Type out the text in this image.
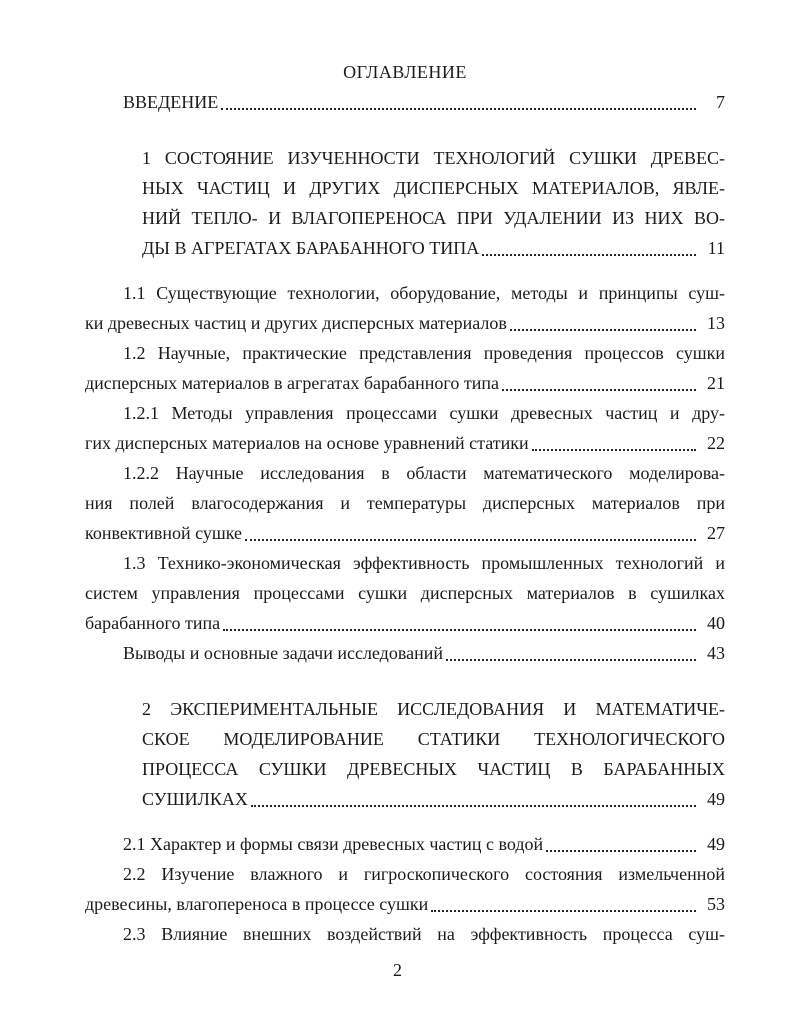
ОГЛАВЛЕНИЕ
ВВЕДЕНИЕ	7
1 СОСТОЯНИЕ ИЗУЧЕННОСТИ ТЕХНОЛОГИЙ СУШКИ ДРЕВЕС-
НЫХ ЧАСТИЦ И ДРУГИХ ДИСПЕРСНЫХ МАТЕРИАЛОВ, ЯВЛЕ-
НИЙ ТЕПЛО- И ВЛАГОПЕРЕНОСА ПРИ УДАЛЕНИИ ИЗ НИХ ВО-
ДЫ В АГРЕГАТАХ БАРАБАННОГО ТИПА	11
1.1 Существующие технологии, оборудование, методы и принципы суш-
ки древесных частиц и других дисперсных материалов	13
1.2 Научные, практические представления проведения процессов сушки
дисперсных материалов в агрегатах барабанного типа	21
1.2.1 Методы управления процессами сушки древесных частиц и дру-
гих дисперсных материалов на основе уравнений статики	22
1.2.2 Научные исследования в области математического моделирова-
ния полей влагосодержания и температуры дисперсных материалов при
конвективной сушке	27
1.3 Технико-экономическая эффективность промышленных технологий и
систем управления процессами сушки дисперсных материалов в сушилках
барабанного типа	40
Выводы и основные задачи исследований	43
2 ЭКСПЕРИМЕНТАЛЬНЫЕ ИССЛЕДОВАНИЯ И МАТЕМАТИЧЕ-
СКОЕ МОДЕЛИРОВАНИЕ СТАТИКИ ТЕХНОЛОГИЧЕСКОГО
ПРОЦЕССА СУШКИ ДРЕВЕСНЫХ ЧАСТИЦ В БАРАБАННЫХ
СУШИЛКАХ	49
2.1 Характер и формы связи древесных частиц с водой	49
2.2 Изучение влажного и гигроскопического состояния измельченной
древесины, влагопереноса в процессе сушки	53
2.3 Влияние внешних воздействий на эффективность процесса суш-
2
